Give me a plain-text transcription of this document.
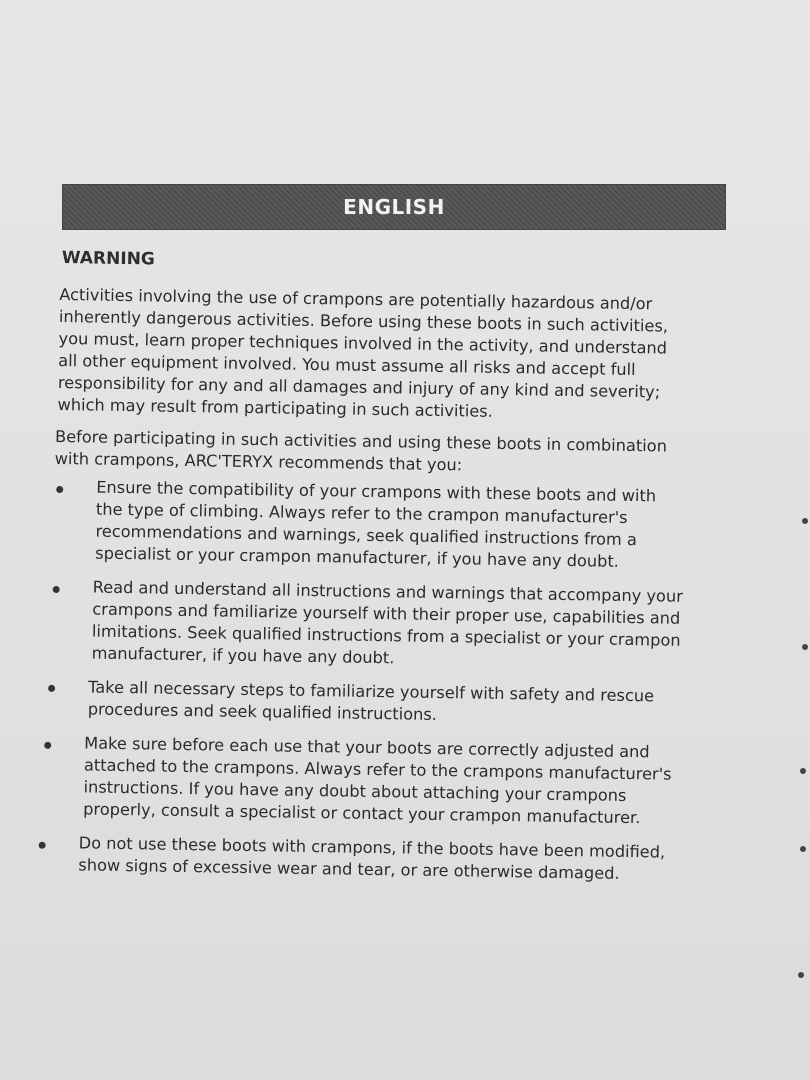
ENGLISH
WARNING
Activities involving the use of crampons are potentially hazardous and/or
inherently dangerous activities. Before using these boots in such activities,
you must, learn proper techniques involved in the activity, and understand
all other equipment involved. You must assume all risks and accept full
responsibility for any and all damages and injury of any kind and severity;
which may result from participating in such activities.
Before participating in such activities and using these boots in combination
with crampons, ARC'TERYX recommends that you:
Ensure the compatibility of your crampons with these boots and with
the type of climbing. Always refer to the crampon manufacturer's
recommendations and warnings, seek qualified instructions from a
specialist or your crampon manufacturer, if you have any doubt.
Read and understand all instructions and warnings that accompany your
crampons and familiarize yourself with their proper use, capabilities and
limitations. Seek qualified instructions from a specialist or your crampon
manufacturer, if you have any doubt.
Take all necessary steps to familiarize yourself with safety and rescue
procedures and seek qualified instructions.
Make sure before each use that your boots are correctly adjusted and
attached to the crampons. Always refer to the crampons manufacturer's
instructions. If you have any doubt about attaching your crampons
properly, consult a specialist or contact your crampon manufacturer.
Do not use these boots with crampons, if the boots have been modified,
show signs of excessive wear and tear, or are otherwise damaged.
